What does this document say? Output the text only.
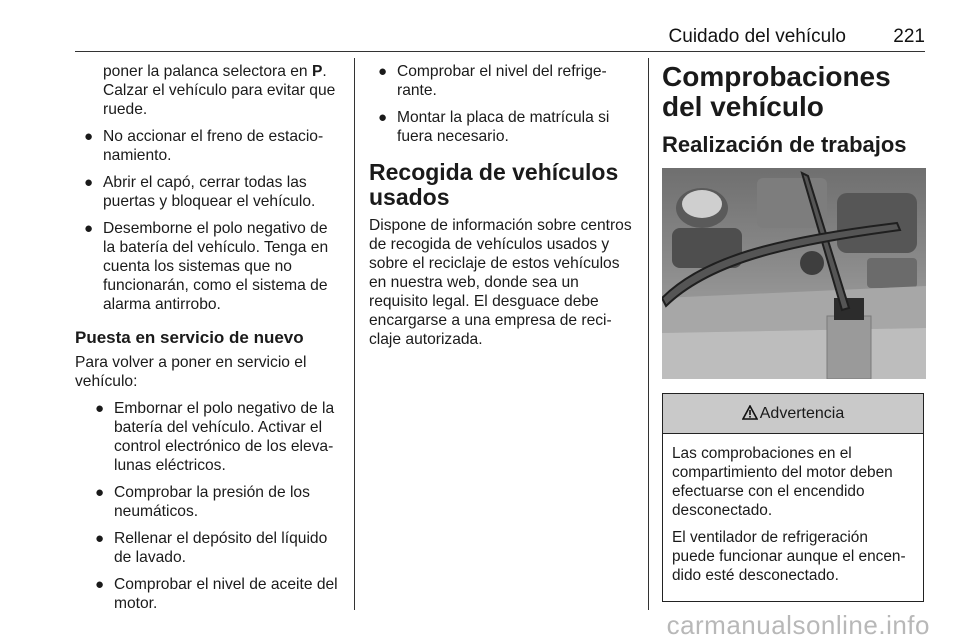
Cuidado del vehículo	221

poner la palanca selectora en P. Calzar el vehículo para evitar que ruede.

● No accionar el freno de estacio-namiento.
● Abrir el capó, cerrar todas las puertas y bloquear el vehículo.
● Desemborne el polo negativo de la batería del vehículo. Tenga en cuenta los sistemas que no funcionarán, como el sistema de alarma antirrobo.
Puesta en servicio de nuevo

Para volver a poner en servicio el vehículo:

● Embornar el polo negativo de la batería del vehículo. Activar el control electrónico de los eleva-lunas eléctricos.
● Comprobar la presión de los neumáticos.
● Rellenar el depósito del líquido de lavado.
● Comprobar el nivel de aceite del motor.
● Comprobar el nivel del refrige-rante.
● Montar la placa de matrícula si fuera necesario.
Recogida de vehículos usados

Dispone de información sobre centros de recogida de vehículos usados y sobre el reciclaje de estos vehículos en nuestra web, donde sea un requisito legal. El desguace debe encargarse a una empresa de reci-claje autorizada.

Comprobaciones del vehículo
Realización de trabajos
Advertencia

Las comprobaciones en el compartimiento del motor deben efectuarse con el encendido desconectado.

El ventilador de refrigeración puede funcionar aunque el encen-dido esté desconectado.

carmanualsonline.info
